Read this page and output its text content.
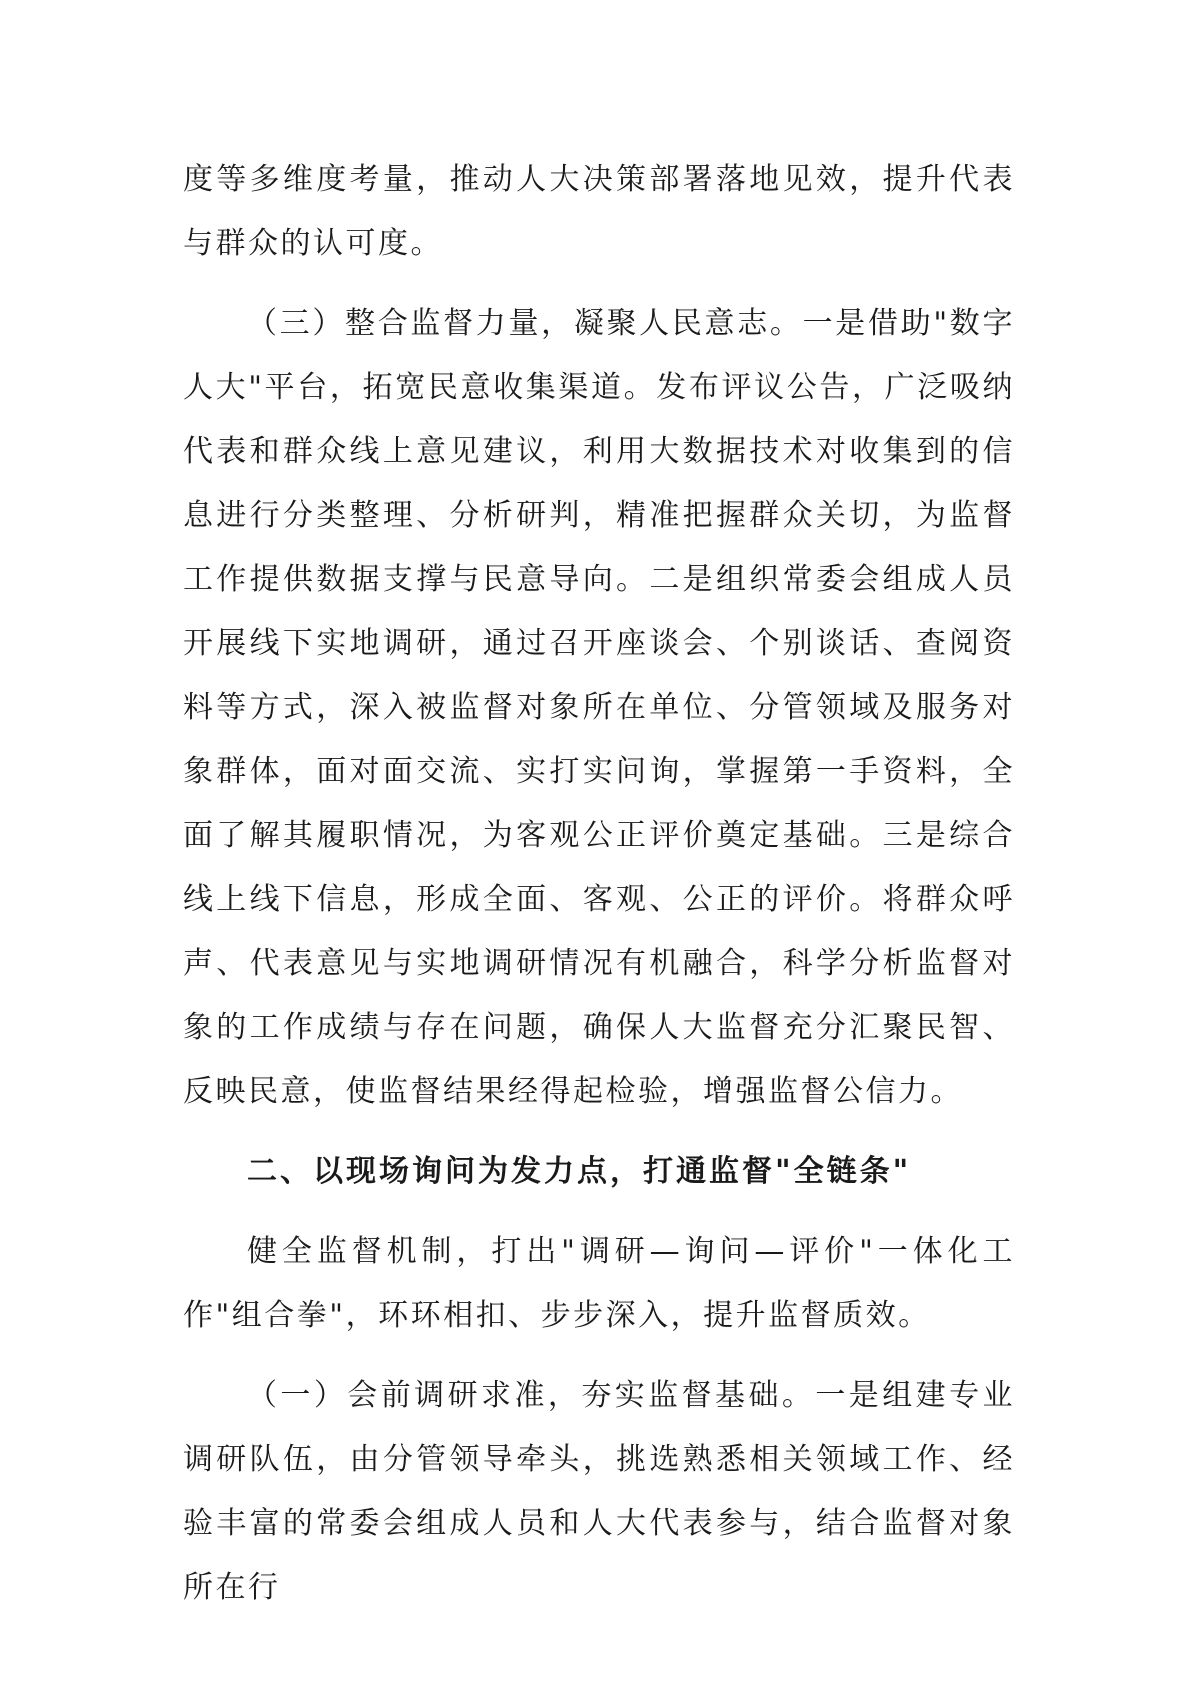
度等多维度考量，推动人大决策部署落地见效，提升代表与群众的认可度。

（三）整合监督力量，凝聚人民意志。一是借助"数字人大"平台，拓宽民意收集渠道。发布评议公告，广泛吸纳代表和群众线上意见建议，利用大数据技术对收集到的信息进行分类整理、分析研判，精准把握群众关切，为监督工作提供数据支撑与民意导向。二是组织常委会组成人员开展线下实地调研，通过召开座谈会、个别谈话、查阅资料等方式，深入被监督对象所在单位、分管领域及服务对象群体，面对面交流、实打实问询，掌握第一手资料，全面了解其履职情况，为客观公正评价奠定基础。三是综合线上线下信息，形成全面、客观、公正的评价。将群众呼声、代表意见与实地调研情况有机融合，科学分析监督对象的工作成绩与存在问题，确保人大监督充分汇聚民智、反映民意，使监督结果经得起检验，增强监督公信力。

二、以现场询问为发力点，打通监督"全链条"

健全监督机制，打出"调研—询问—评价"一体化工作"组合拳"，环环相扣、步步深入，提升监督质效。

（一）会前调研求准，夯实监督基础。一是组建专业调研队伍，由分管领导牵头，挑选熟悉相关领域工作、经验丰富的常委会组成人员和人大代表参与，结合监督对象所在行
